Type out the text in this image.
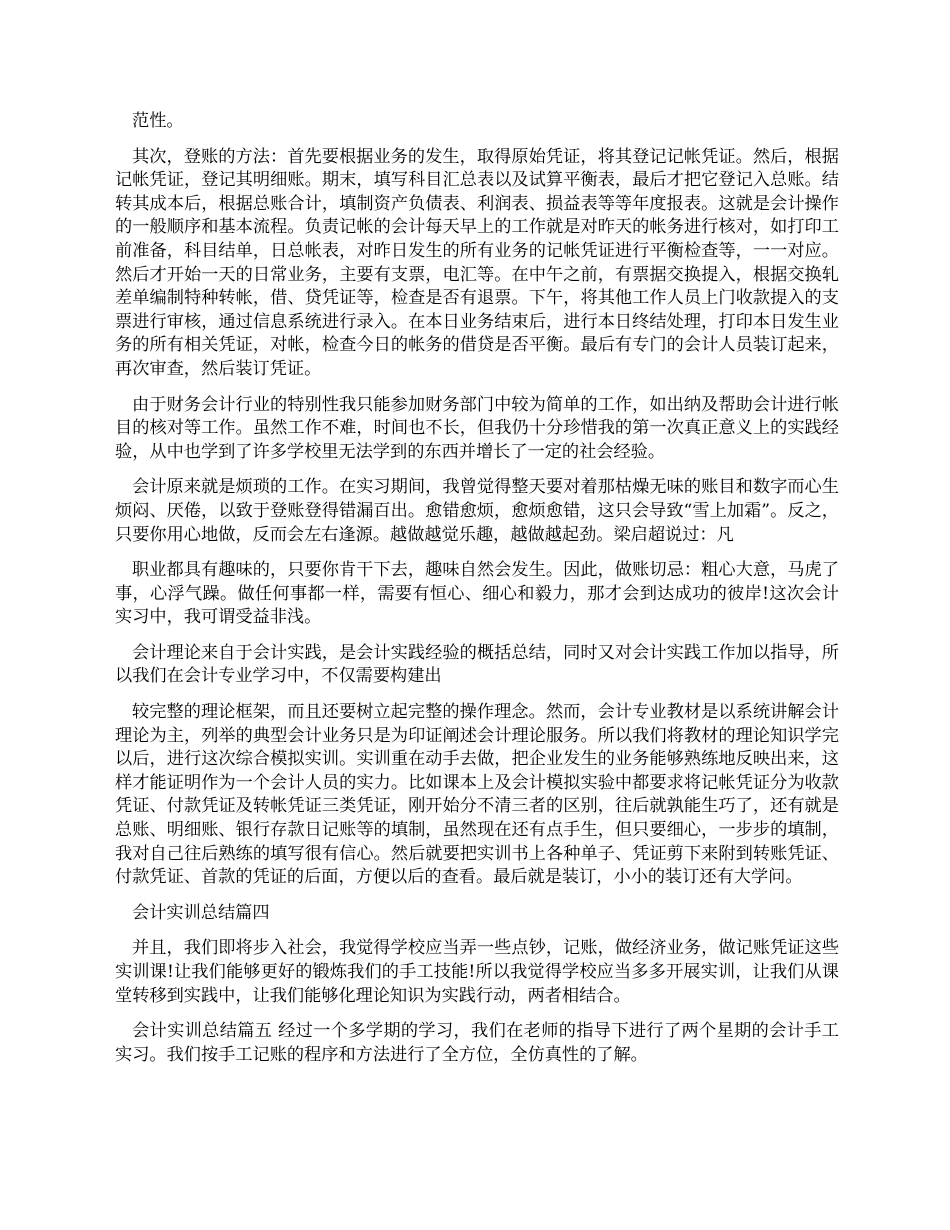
范性。

其次，登账的方法：首先要根据业务的发生，取得原始凭证，将其登记记帐凭证。然后，根据记帐凭证，登记其明细账。期末，填写科目汇总表以及试算平衡表，最后才把它登记入总账。结转其成本后，根据总账合计，填制资产负债表、利润表、损益表等等年度报表。这就是会计操作的一般顺序和基本流程。负责记帐的会计每天早上的工作就是对昨天的帐务进行核对，如打印工前准备，科目结单，日总帐表，对昨日发生的所有业务的记帐凭证进行平衡检查等，一一对应。然后才开始一天的日常业务，主要有支票，电汇等。在中午之前，有票据交换提入，根据交换轧差单编制特种转帐，借、贷凭证等，检查是否有退票。下午，将其他工作人员上门收款提入的支票进行审核，通过信息系统进行录入。在本日业务结束后，进行本日终结处理，打印本日发生业务的所有相关凭证，对帐，检查今日的帐务的借贷是否平衡。最后有专门的会计人员装订起来，再次审查，然后装订凭证。

由于财务会计行业的特别性我只能参加财务部门中较为简单的工作，如出纳及帮助会计进行帐目的核对等工作。虽然工作不难，时间也不长，但我仍十分珍惜我的第一次真正意义上的实践经验，从中也学到了许多学校里无法学到的东西并增长了一定的社会经验。

会计原来就是烦琐的工作。在实习期间，我曾觉得整天要对着那枯燥无味的账目和数字而心生烦闷、厌倦，以致于登账登得错漏百出。愈错愈烦，愈烦愈错，这只会导致“雪上加霜”。反之，只要你用心地做，反而会左右逢源。越做越觉乐趣，越做越起劲。梁启超说过：凡

职业都具有趣味的，只要你肯干下去，趣味自然会发生。因此，做账切忌：粗心大意，马虎了事，心浮气躁。做任何事都一样，需要有恒心、细心和毅力，那才会到达成功的彼岸!这次会计实习中，我可谓受益非浅。

会计理论来自于会计实践，是会计实践经验的概括总结，同时又对会计实践工作加以指导，所以我们在会计专业学习中，不仅需要构建出

较完整的理论框架，而且还要树立起完整的操作理念。然而，会计专业教材是以系统讲解会计理论为主，列举的典型会计业务只是为印证阐述会计理论服务。所以我们将教材的理论知识学完以后，进行这次综合模拟实训。实训重在动手去做，把企业发生的业务能够熟练地反映出来，这样才能证明作为一个会计人员的实力。比如课本上及会计模拟实验中都要求将记帐凭证分为收款凭证、付款凭证及转帐凭证三类凭证，刚开始分不清三者的区别，往后就孰能生巧了，还有就是总账、明细账、银行存款日记账等的填制，虽然现在还有点手生，但只要细心，一步步的填制，我对自己往后熟练的填写很有信心。然后就要把实训书上各种单子、凭证剪下来附到转账凭证、付款凭证、首款的凭证的后面，方便以后的查看。最后就是装订，小小的装订还有大学问。

会计实训总结篇四

并且，我们即将步入社会，我觉得学校应当弄一些点钞，记账，做经济业务，做记账凭证这些实训课!让我们能够更好的锻炼我们的手工技能!所以我觉得学校应当多多开展实训，让我们从课堂转移到实践中，让我们能够化理论知识为实践行动，两者相结合。

会计实训总结篇五 经过一个多学期的学习，我们在老师的指导下进行了两个星期的会计手工实习。我们按手工记账的程序和方法进行了全方位，全仿真性的了解。
